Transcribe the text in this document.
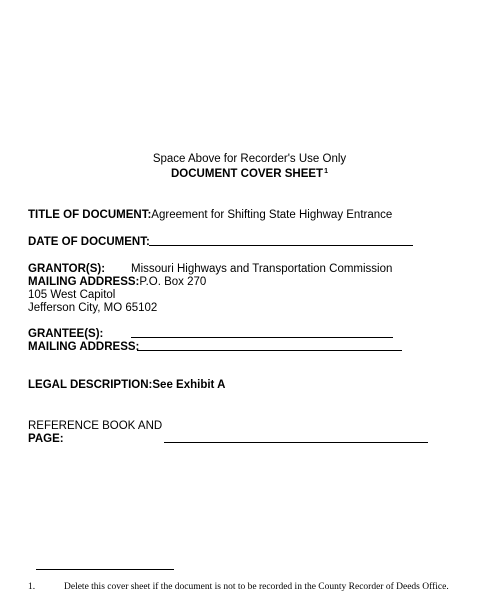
Space Above for Recorder's Use Only
DOCUMENT COVER SHEET$^1$
TITLE OF DOCUMENT:Agreement for Shifting State Highway Entrance
DATE OF DOCUMENT:
GRANTOR(S): Missouri Highways and Transportation Commission
MAILING ADDRESS:P.O. Box 270
105 West Capitol
Jefferson City, MO 65102
GRANTEE(S):
MAILING ADDRESS:
LEGAL DESCRIPTION:See Exhibit A
REFERENCE BOOK AND
PAGE:
1.	Delete this cover sheet if the document is not to be recorded in the County Recorder of Deeds Office.
